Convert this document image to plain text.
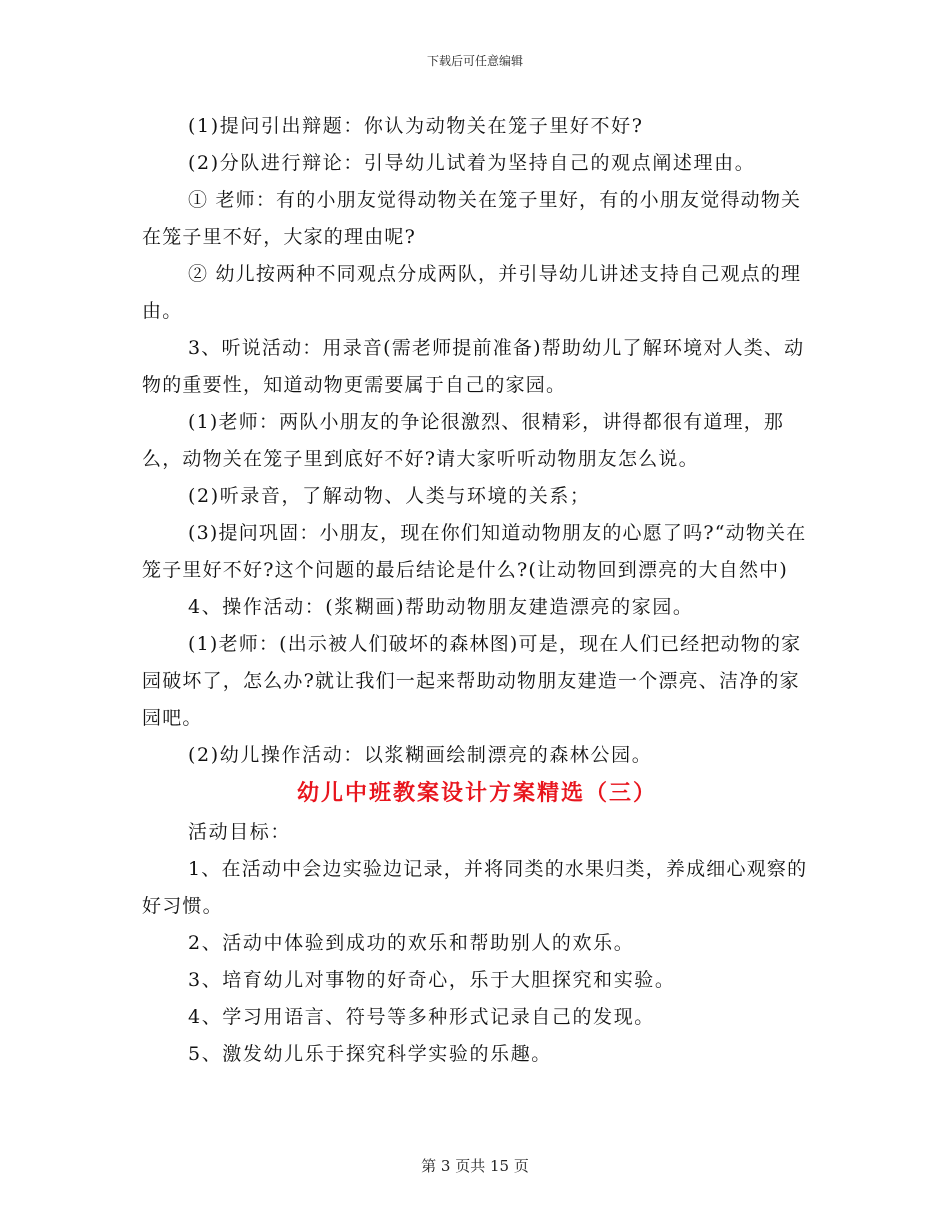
下载后可任意编辑

(1)提问引出辩题：你认为动物关在笼子里好不好?

(2)分队进行辩论：引导幼儿试着为坚持自己的观点阐述理由。

① 老师：有的小朋友觉得动物关在笼子里好，有的小朋友觉得动物关在笼子里不好，大家的理由呢?

② 幼儿按两种不同观点分成两队，并引导幼儿讲述支持自己观点的理由。

3、听说活动：用录音(需老师提前准备)帮助幼儿了解环境对人类、动物的重要性，知道动物更需要属于自己的家园。

(1)老师：两队小朋友的争论很激烈、很精彩，讲得都很有道理，那么，动物关在笼子里到底好不好?请大家听听动物朋友怎么说。

(2)听录音，了解动物、人类与环境的关系；

(3)提问巩固：小朋友，现在你们知道动物朋友的心愿了吗?“动物关在笼子里好不好?这个问题的最后结论是什么?(让动物回到漂亮的大自然中)

4、操作活动：(浆糊画)帮助动物朋友建造漂亮的家园。

(1)老师：(出示被人们破坏的森林图)可是，现在人们已经把动物的家园破坏了，怎么办?就让我们一起来帮助动物朋友建造一个漂亮、洁净的家园吧。

(2)幼儿操作活动：以浆糊画绘制漂亮的森林公园。

幼儿中班教案设计方案精选（三）

活动目标：

1、在活动中会边实验边记录，并将同类的水果归类，养成细心观察的好习惯。

2、活动中体验到成功的欢乐和帮助别人的欢乐。

3、培育幼儿对事物的好奇心，乐于大胆探究和实验。

4、学习用语言、符号等多种形式记录自己的发现。

5、激发幼儿乐于探究科学实验的乐趣。

第 3 页共 15 页
